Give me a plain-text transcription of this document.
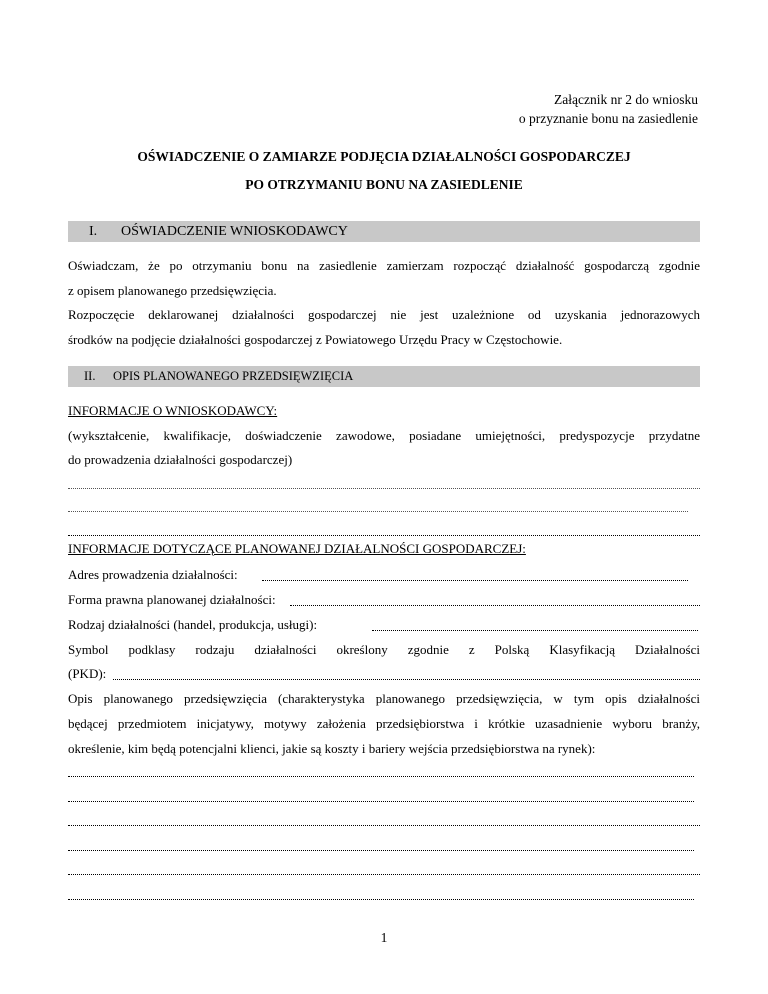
Załącznik nr 2 do wniosku
o przyznanie bonu na zasiedlenie
OŚWIADCZENIE O ZAMIARZE PODJĘCIA DZIAŁALNOŚCI GOSPODARCZEJ
PO OTRZYMANIU BONU NA ZASIEDLENIE
I. OŚWIADCZENIE WNIOSKODAWCY
Oświadczam, że po otrzymaniu bonu na zasiedlenie zamierzam rozpocząć działalność gospodarczą zgodnie
z opisem planowanego przedsięwzięcia.
Rozpoczęcie deklarowanej działalności gospodarczej nie jest uzależnione od uzyskania jednorazowych
środków na podjęcie działalności gospodarczej z Powiatowego Urzędu Pracy w Częstochowie.
II. OPIS PLANOWANEGO PRZEDSIĘWZIĘCIA
INFORMACJE O WNIOSKODAWCY:
(wykształcenie, kwalifikacje, doświadczenie zawodowe, posiadane umiejętności, predyspozycje przydatne
do prowadzenia działalności gospodarczej)
INFORMACJE DOTYCZĄCE PLANOWANEJ DZIAŁALNOŚCI GOSPODARCZEJ:
Adres prowadzenia działalności:
Forma prawna planowanej działalności:
Rodzaj działalności (handel, produkcja, usługi):
Symbol podklasy rodzaju działalności określony zgodnie z Polską Klasyfikacją Działalności
(PKD):
Opis planowanego przedsięwzięcia (charakterystyka planowanego przedsięwzięcia, w tym opis działalności
będącej przedmiotem inicjatywy, motywy założenia przedsiębiorstwa i krótkie uzasadnienie wyboru branży,
określenie, kim będą potencjalni klienci, jakie są koszty i bariery wejścia przedsiębiorstwa na rynek):
1
